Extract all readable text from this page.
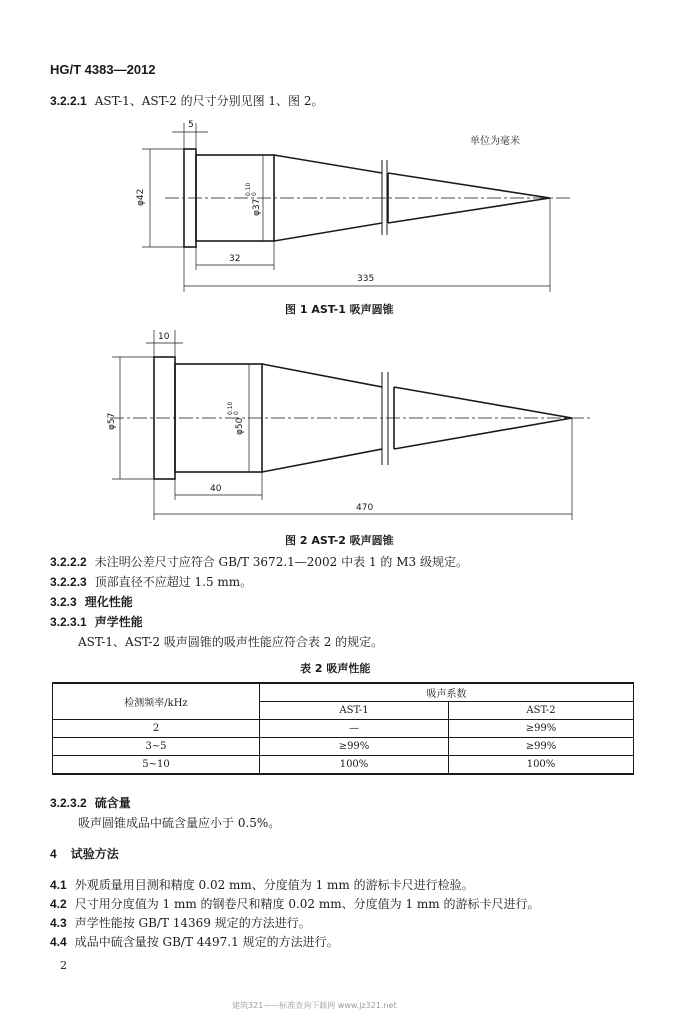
HG/T 4383—2012
3.2.2.1 AST-1、AST-2 的尺寸分别见图 1、图 2。
5
φ42
φ37
0.10 0
32
335
单位为毫米
图 1 AST-1 吸声圆锥
10
φ57	φ50
0.10 0
40
470
图 2 AST-2 吸声圆锥
3.2.2.2 未注明公差尺寸应符合 GB/T 3672.1—2002 中表 1 的 M3 级规定。
3.2.2.3 顶部直径不应超过 1.5 mm。
3.2.3 理化性能
3.2.3.1 声学性能
AST-1、AST-2 吸声圆锥的吸声性能应符合表 2 的规定。
表 2 吸声性能
检测频率/kHz	吸声系数	
	AST-1	AST-2
2	—	≥99%
3~5	≥99%	≥99%
5~10	100%	100%
3.2.3.2 硫含量
吸声圆锥成品中硫含量应小于 0.5%。
4 试验方法
4.1 外观质量用目测和精度 0.02 mm、分度值为 1 mm 的游标卡尺进行检验。
4.2 尺寸用分度值为 1 mm 的钢卷尺和精度 0.02 mm、分度值为 1 mm 的游标卡尺进行。
4.3 声学性能按 GB/T 14369 规定的方法进行。
4.4 成品中硫含量按 GB/T 4497.1 规定的方法进行。
2
建筑321——标准查询下载网 www.jz321.net
